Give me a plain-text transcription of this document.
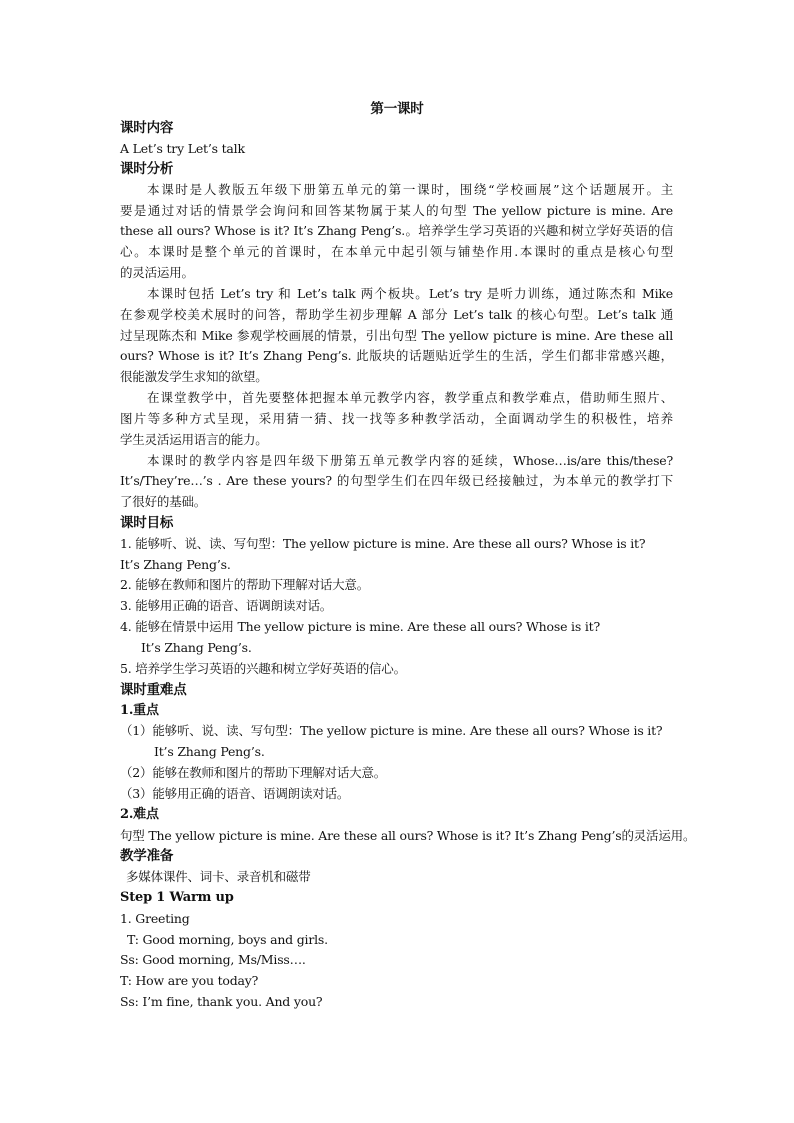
第一课时
课时内容
A Let’s try Let’s talk
课时分析
本课时是人教版五年级下册第五单元的第一课时，围绕“学校画展”这个话题展开。主
要是通过对话的情景学会询问和回答某物属于某人的句型 The yellow picture is mine. Are
these all ours? Whose is it? It’s Zhang Peng’s.。培养学生学习英语的兴趣和树立学好英语的信
心。本课时是整个单元的首课时，在本单元中起引领与铺垫作用.本课时的重点是核心句型
的灵活运用。
本课时包括 Let’s try 和 Let’s talk 两个板块。Let’s try 是听力训练，通过陈杰和 Mike
在参观学校美术展时的问答，帮助学生初步理解 A 部分 Let’s talk 的核心句型。Let’s talk 通
过呈现陈杰和 Mike 参观学校画展的情景，引出句型 The yellow picture is mine. Are these all
ours? Whose is it? It’s Zhang Peng’s. 此版块的话题贴近学生的生活，学生们都非常感兴趣，
很能激发学生求知的欲望。
在课堂教学中，首先要整体把握本单元教学内容，教学重点和教学难点，借助师生照片、
图片等多种方式呈现，采用猜一猜、找一找等多种教学活动，全面调动学生的积极性，培养
学生灵活运用语言的能力。
本课时的教学内容是四年级下册第五单元教学内容的延续，Whose…is/are this/these?
It’s/They’re…’s . Are these yours? 的句型学生们在四年级已经接触过，为本单元的教学打下
了很好的基础。
课时目标
1. 能够听、说、读、写句型：The yellow picture is mine. Are these all ours? Whose is it?
It’s Zhang Peng’s.
2. 能够在教师和图片的帮助下理解对话大意。
3. 能够用正确的语音、语调朗读对话。
4. 能够在情景中运用 The yellow picture is mine. Are these all ours? Whose is it?
It’s Zhang Peng’s.
5. 培养学生学习英语的兴趣和树立学好英语的信心。
课时重难点
1.重点
（1）能够听、说、读、写句型：The yellow picture is mine. Are these all ours? Whose is it?
It’s Zhang Peng’s.
（2）能够在教师和图片的帮助下理解对话大意。
（3）能够用正确的语音、语调朗读对话。
2.难点
句型 The yellow picture is mine. Are these all ours? Whose is it? It’s Zhang Peng’s的灵活运用。
教学准备
多媒体课件、词卡、录音机和磁带
Step 1 Warm up
1. Greeting
T: Good morning, boys and girls.
Ss: Good morning, Ms/Miss….
T: How are you today?
Ss: I’m fine, thank you. And you?
